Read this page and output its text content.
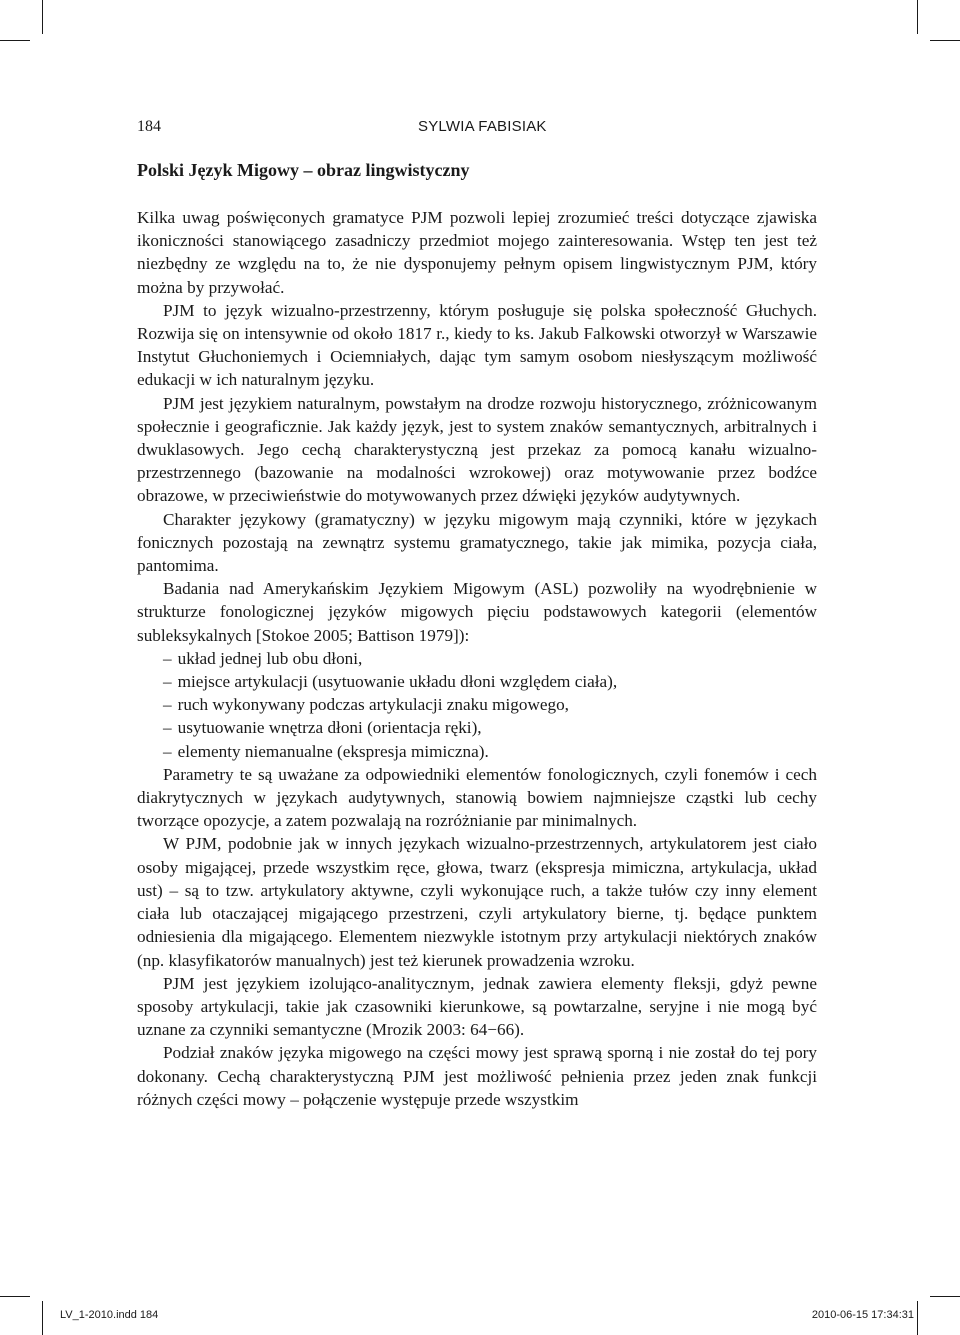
184	SYLWIA FABISIAK
Polski Język Migowy – obraz lingwistyczny

Kilka uwag poświęconych gramatyce PJM pozwoli lepiej zrozumieć treści dotyczące zjawiska ikoniczności stanowiącego zasadniczy przedmiot mojego zainteresowania. Wstęp ten jest też niezbędny ze względu na to, że nie dysponujemy pełnym opisem lingwistycznym PJM, który można by przywołać.

PJM to język wizualno-przestrzenny, którym posługuje się polska społeczność Głuchych. Rozwija się on intensywnie od około 1817 r., kiedy to ks. Jakub Falkowski otworzył w Warszawie Instytut Głuchoniemych i Ociemniałych, dając tym samym osobom niesłyszącym możliwość edukacji w ich naturalnym języku.

PJM jest językiem naturalnym, powstałym na drodze rozwoju historycznego, zróżnicowanym społecznie i geograficznie. Jak każdy język, jest to system znaków semantycznych, arbitralnych i dwuklasowych. Jego cechą charakterystyczną jest przekaz za pomocą kanału wizualno-przestrzennego (bazowanie na modalności wzrokowej) oraz motywowanie przez bodźce obrazowe, w przeciwieństwie do motywowanych przez dźwięki języków audytywnych.

Charakter językowy (gramatyczny) w języku migowym mają czynniki, które w językach fonicznych pozostają na zewnątrz systemu gramatycznego, takie jak mimika, pozycja ciała, pantomima.

Badania nad Amerykańskim Językiem Migowym (ASL) pozwoliły na wyodrębnienie w strukturze fonologicznej języków migowych pięciu podstawowych kategorii (elementów subleksykalnych [Stokoe 2005; Battison 1979]):

– układ jednej lub obu dłoni,
– miejsce artykulacji (usytuowanie układu dłoni względem ciała),
– ruch wykonywany podczas artykulacji znaku migowego,
– usytuowanie wnętrza dłoni (orientacja ręki),
– elementy niemanualne (ekspresja mimiczna).

Parametry te są uważane za odpowiedniki elementów fonologicznych, czyli fonemów i cech diakrytycznych w językach audytywnych, stanowią bowiem najmniejsze cząstki lub cechy tworzące opozycje, a zatem pozwalają na rozróżnianie par minimalnych.

W PJM, podobnie jak w innych językach wizualno-przestrzennych, artykulatorem jest ciało osoby migającej, przede wszystkim ręce, głowa, twarz (ekspresja mimiczna, artykulacja, układ ust) – są to tzw. artykulatory aktywne, czyli wykonujące ruch, a także tułów czy inny element ciała lub otaczającej migającego przestrzeni, czyli artykulatory bierne, tj. będące punktem odniesienia dla migającego. Elementem niezwykle istotnym przy artykulacji niektórych znaków (np. klasyfikatorów manualnych) jest też kierunek prowadzenia wzroku.

PJM jest językiem izolująco-analitycznym, jednak zawiera elementy fleksji, gdyż pewne sposoby artykulacji, takie jak czasowniki kierunkowe, są powtarzalne, seryjne i nie mogą być uznane za czynniki semantyczne (Mrozik 2003: 64−66).

Podział znaków języka migowego na części mowy jest sprawą sporną i nie został do tej pory dokonany. Cechą charakterystyczną PJM jest możliwość pełnienia przez jeden znak funkcji różnych części mowy – połączenie występuje przede wszystkim

LV_1-2010.indd 184	2010-06-15 17:34:31
